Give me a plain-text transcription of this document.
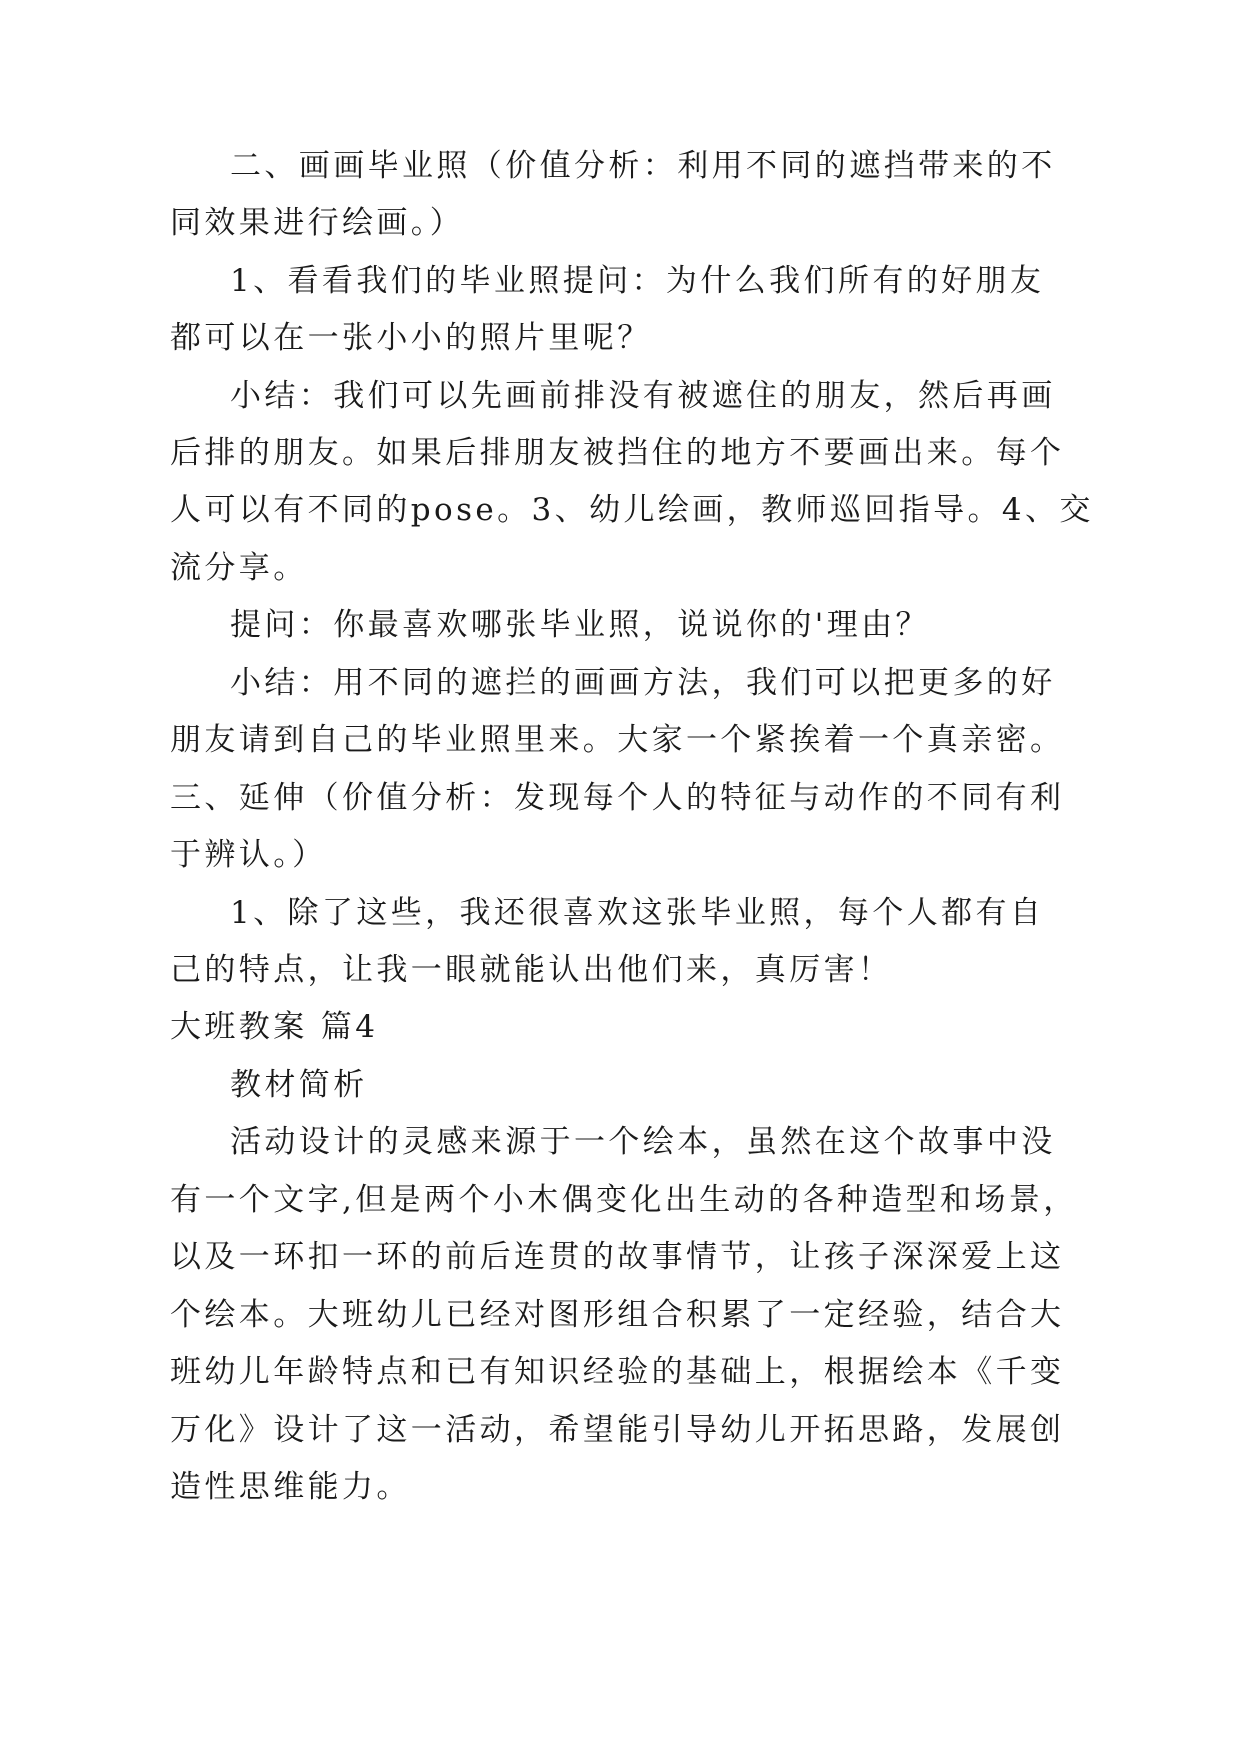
二、画画毕业照（价值分析：利用不同的遮挡带来的不
同效果进行绘画。）
1、看看我们的毕业照提问：为什么我们所有的好朋友
都可以在一张小小的照片里呢？
小结：我们可以先画前排没有被遮住的朋友，然后再画
后排的朋友。如果后排朋友被挡住的地方不要画出来。每个
人可以有不同的pose。3、幼儿绘画，教师巡回指导。4、交
流分享。
提问：你最喜欢哪张毕业照，说说你的'理由？
小结：用不同的遮拦的画画方法，我们可以把更多的好
朋友请到自己的毕业照里来。大家一个紧挨着一个真亲密。
三、延伸（价值分析：发现每个人的特征与动作的不同有利
于辨认。）
1、除了这些，我还很喜欢这张毕业照，每个人都有自
己的特点，让我一眼就能认出他们来，真厉害！
大班教案 篇4
教材简析
活动设计的灵感来源于一个绘本，虽然在这个故事中没
有一个文字,但是两个小木偶变化出生动的各种造型和场景，
以及一环扣一环的前后连贯的故事情节，让孩子深深爱上这
个绘本。大班幼儿已经对图形组合积累了一定经验，结合大
班幼儿年龄特点和已有知识经验的基础上，根据绘本《千变
万化》设计了这一活动，希望能引导幼儿开拓思路，发展创
造性思维能力。
